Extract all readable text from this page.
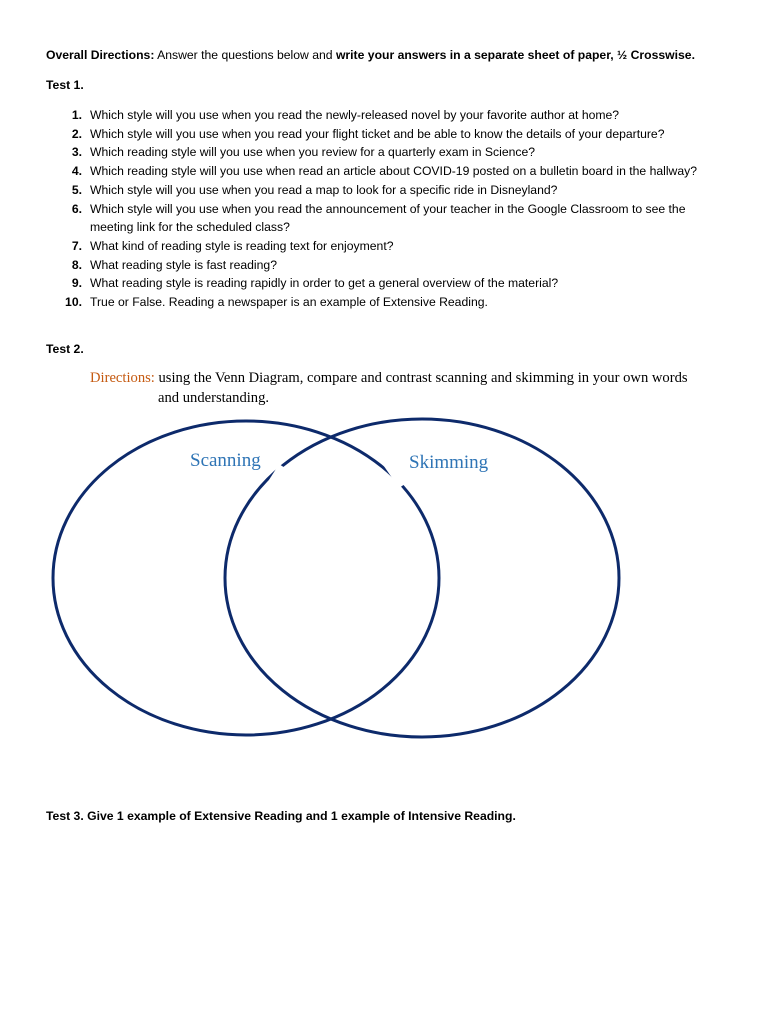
Overall Directions: Answer the questions below and write your answers in a separate sheet of paper, ½ Crosswise.
Test 1.
1. Which style will you use when you read the newly-released novel by your favorite author at home?
2. Which style will you use when you read your flight ticket and be able to know the details of your departure?
3. Which reading style will you use when you review for a quarterly exam in Science?
4. Which reading style will you use when read an article about COVID-19 posted on a bulletin board in the hallway?
5. Which style will you use when you read a map to look for a specific ride in Disneyland?
6. Which style will you use when you read the announcement of your teacher in the Google Classroom to see the
meeting link for the scheduled class?
7. What kind of reading style is reading text for enjoyment?
8. What reading style is fast reading?
9. What reading style is reading rapidly in order to get a general overview of the material?
10. True or False. Reading a newspaper is an example of Extensive Reading.
Test 2.
Directions: using the Venn Diagram, compare and contrast scanning and skimming in your own words
and understanding.
Scanning	Skimming
Test 3. Give 1 example of Extensive Reading and 1 example of Intensive Reading.
